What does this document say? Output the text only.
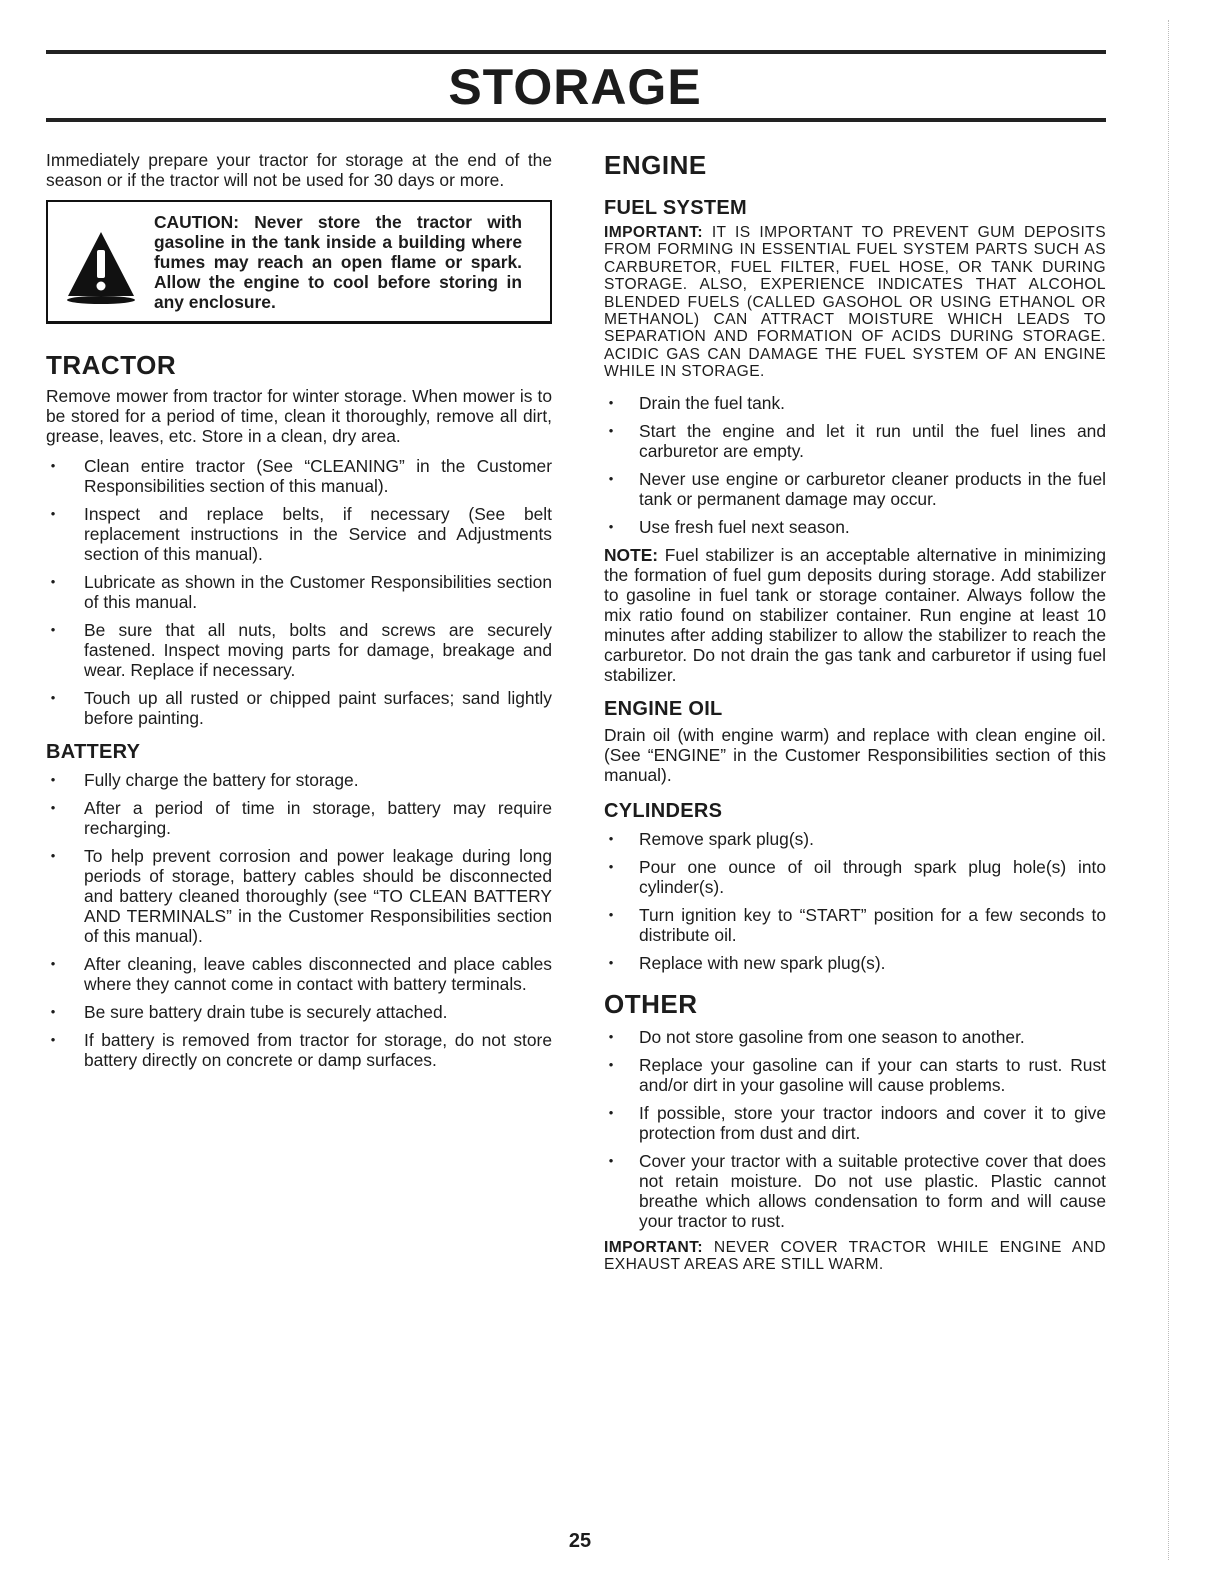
STORAGE

Immediately prepare your tractor for storage at the end of the season or if the tractor will not be used for 30 days or more.

CAUTION: Never store the tractor with gasoline in the tank inside a building where fumes may reach an open flame or spark. Allow the engine to cool before storing in any enclosure.
TRACTOR

Remove mower from tractor for winter storage. When mower is to be stored for a period of time, clean it thoroughly, remove all dirt, grease, leaves, etc. Store in a clean, dry area.

• Clean entire tractor (See “CLEANING” in the Customer Responsibilities section of this manual).
• Inspect and replace belts, if necessary (See belt replacement instructions in the Service and Adjustments section of this manual).
• Lubricate as shown in the Customer Responsibilities section of this manual.
• Be sure that all nuts, bolts and screws are securely fastened. Inspect moving parts for damage, breakage and wear. Replace if necessary.
• Touch up all rusted or chipped paint surfaces; sand lightly before painting.
BATTERY
• Fully charge the battery for storage.
• After a period of time in storage, battery may require recharging.
• To help prevent corrosion and power leakage during long periods of storage, battery cables should be disconnected and battery cleaned thoroughly (see “TO CLEAN BATTERY AND TERMINALS” in the Customer Responsibilities section of this manual).
• After cleaning, leave cables disconnected and place cables where they cannot come in contact with battery terminals.
• Be sure battery drain tube is securely attached.
• If battery is removed from tractor for storage, do not store battery directly on concrete or damp surfaces.
ENGINE
FUEL SYSTEM

IMPORTANT: IT IS IMPORTANT TO PREVENT GUM DEPOSITS FROM FORMING IN ESSENTIAL FUEL SYSTEM PARTS SUCH AS CARBURETOR, FUEL FILTER, FUEL HOSE, OR TANK DURING STORAGE. ALSO, EXPERIENCE INDICATES THAT ALCOHOL BLENDED FUELS (CALLED GASOHOL OR USING ETHANOL OR METHANOL) CAN ATTRACT MOISTURE WHICH LEADS TO SEPARATION AND FORMATION OF ACIDS DURING STORAGE. ACIDIC GAS CAN DAMAGE THE FUEL SYSTEM OF AN ENGINE WHILE IN STORAGE.

• Drain the fuel tank.
• Start the engine and let it run until the fuel lines and carburetor are empty.
• Never use engine or carburetor cleaner products in the fuel tank or permanent damage may occur.
• Use fresh fuel next season.

NOTE: Fuel stabilizer is an acceptable alternative in minimizing the formation of fuel gum deposits during storage. Add stabilizer to gasoline in fuel tank or storage container. Always follow the mix ratio found on stabilizer container. Run engine at least 10 minutes after adding stabilizer to allow the stabilizer to reach the carburetor. Do not drain the gas tank and carburetor if using fuel stabilizer.

ENGINE OIL

Drain oil (with engine warm) and replace with clean engine oil. (See “ENGINE” in the Customer Responsibilities section of this manual).

CYLINDERS
• Remove spark plug(s).
• Pour one ounce of oil through spark plug hole(s) into cylinder(s).
• Turn ignition key to “START” position for a few seconds to distribute oil.
• Replace with new spark plug(s).
OTHER
• Do not store gasoline from one season to another.
• Replace your gasoline can if your can starts to rust. Rust and/or dirt in your gasoline will cause problems.
• If possible, store your tractor indoors and cover it to give protection from dust and dirt.
• Cover your tractor with a suitable protective cover that does not retain moisture. Do not use plastic. Plastic cannot breathe which allows condensation to form and will cause your tractor to rust.

IMPORTANT: NEVER COVER TRACTOR WHILE ENGINE AND EXHAUST AREAS ARE STILL WARM.

25
